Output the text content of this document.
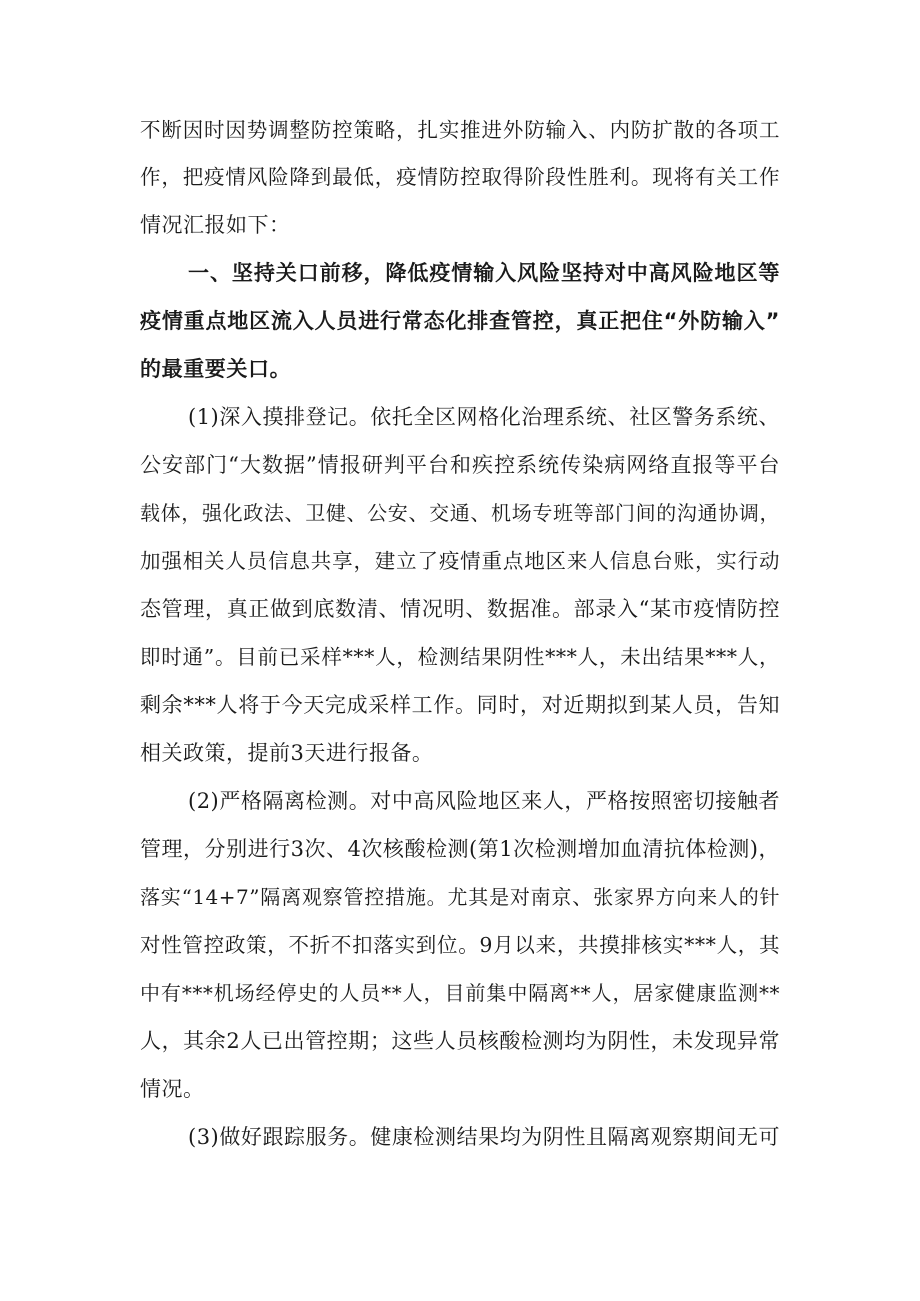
不断因时因势调整防控策略，扎实推进外防输入、内防扩散的各项工
作，把疫情风险降到最低，疫情防控取得阶段性胜利。现将有关工作
情况汇报如下：
一、坚持关口前移，降低疫情输入风险坚持对中高风险地区等
疫情重点地区流入人员进行常态化排查管控，真正把住“外防输入”
的最重要关口。
(1)深入摸排登记。依托全区网格化治理系统、社区警务系统、
公安部门“大数据”情报研判平台和疾控系统传染病网络直报等平台
载体，强化政法、卫健、公安、交通、机场专班等部门间的沟通协调，
加强相关人员信息共享，建立了疫情重点地区来人信息台账，实行动
态管理，真正做到底数清、情况明、数据准。部录入“某市疫情防控
即时通”。目前已采样***人，检测结果阴性***人，未出结果***人，
剩余***人将于今天完成采样工作。同时，对近期拟到某人员，告知
相关政策，提前3天进行报备。
(2)严格隔离检测。对中高风险地区来人，严格按照密切接触者
管理，分别进行3次、4次核酸检测(第1次检测增加血清抗体检测)，
落实“14+7”隔离观察管控措施。尤其是对南京、张家界方向来人的针
对性管控政策，不折不扣落实到位。9月以来，共摸排核实***人，其
中有***机场经停史的人员**人，目前集中隔离**人，居家健康监测**
人，其余2人已出管控期；这些人员核酸检测均为阴性，未发现异常
情况。
(3)做好跟踪服务。健康检测结果均为阴性且隔离观察期间无可
